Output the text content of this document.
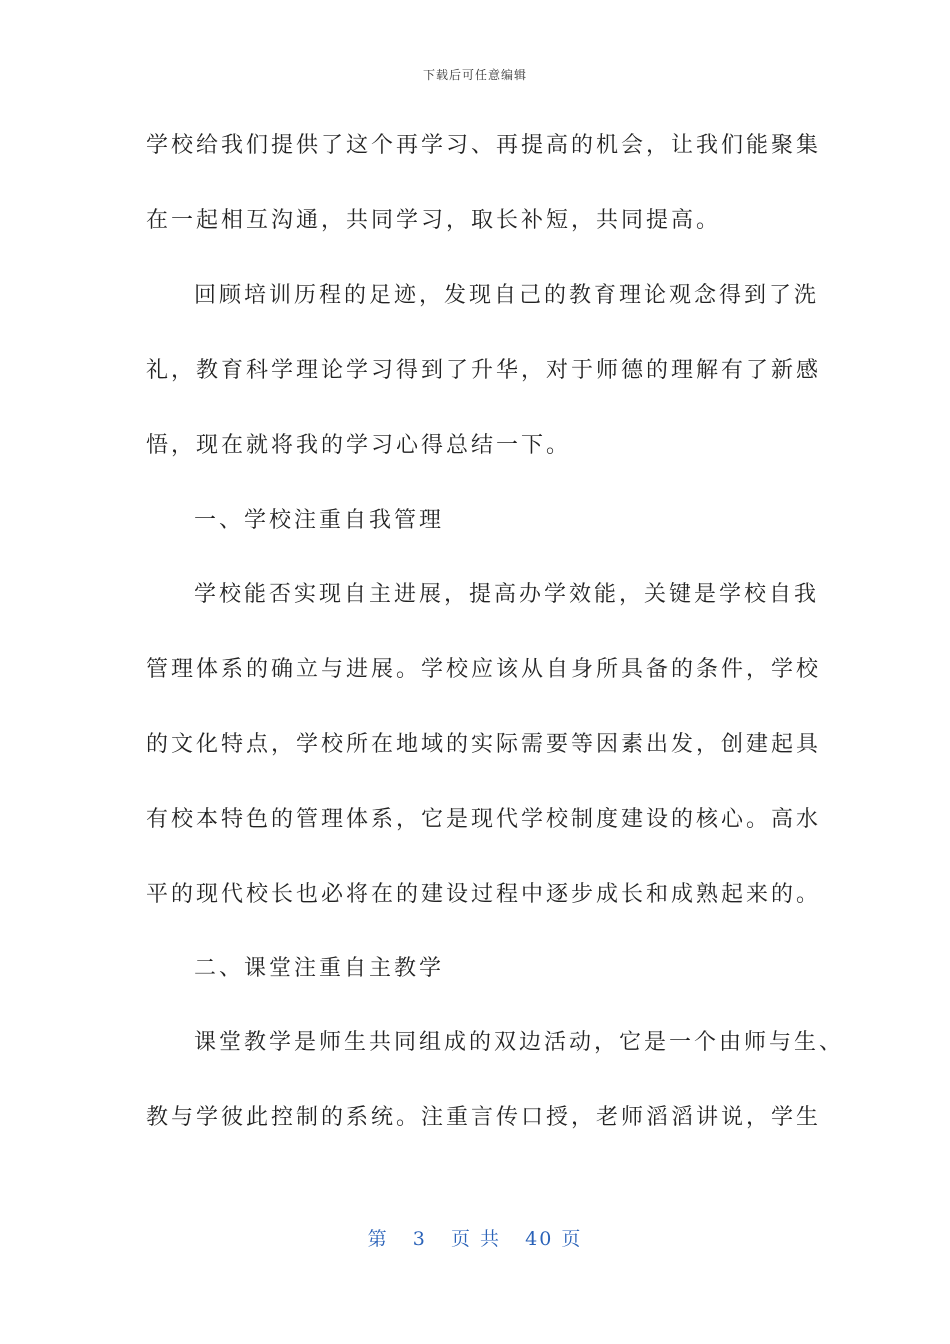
下载后可任意编辑
学校给我们提供了这个再学习、再提高的机会，让我们能聚集
在一起相互沟通，共同学习，取长补短，共同提高。
回顾培训历程的足迹，发现自己的教育理论观念得到了洗
礼，教育科学理论学习得到了升华，对于师德的理解有了新感
悟，现在就将我的学习心得总结一下。
一、学校注重自我管理
学校能否实现自主进展，提高办学效能，关键是学校自我
管理体系的确立与进展。学校应该从自身所具备的条件，学校
的文化特点，学校所在地域的实际需要等因素出发，创建起具
有校本特色的管理体系，它是现代学校制度建设的核心。高水
平的现代校长也必将在的建设过程中逐步成长和成熟起来的。
二、课堂注重自主教学
课堂教学是师生共同组成的双边活动，它是一个由师与生、
教与学彼此控制的系统。注重言传口授，老师滔滔讲说，学生
第 3 页 共 40 页
